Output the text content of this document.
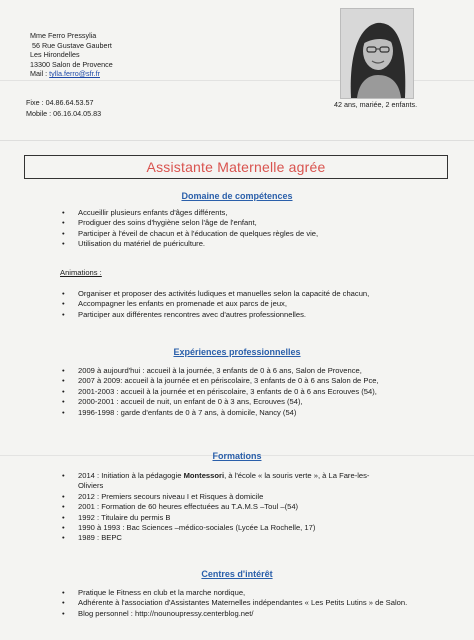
Mme Ferro Pressylia
56 Rue Gustave Gaubert
Les Hirondelles
13300 Salon de Provence
Mail : tylla.ferro@sfr.fr
Fixe : 04.86.64.53.57
Mobile : 06.16.04.05.83
42 ans, mariée, 2 enfants.
Assistante Maternelle agrée
Domaine de compétences
• Accueillir plusieurs enfants d'âges différents,
• Prodiguer des soins d'hygiène selon l'âge de l'enfant,
• Participer à l'éveil de chacun et à l'éducation de quelques règles de vie,
• Utilisation du matériel de puériculture.
Animations :
• Organiser et proposer des activités ludiques et manuelles selon la capacité de chacun,
• Accompagner les enfants en promenade et aux parcs de jeux,
• Participer aux différentes rencontres avec d'autres professionnelles.
Expériences professionnelles
• 2009 à aujourd'hui : accueil à la journée, 3 enfants de 0 à 6 ans, Salon de Provence,
• 2007 à 2009: accueil à la journée et en périscolaire, 3 enfants de 0 à 6 ans Salon de Pce,
• 2001-2003 : accueil à la journée et en périscolaire, 3 enfants de 0 à 6 ans Ecrouves (54),
• 2000-2001 : accueil de nuit, un enfant de 0 à 3 ans, Ecrouves (54),
• 1996-1998 : garde d'enfants de 0 à 7 ans, à domicile, Nancy (54)
Formations
• 2014 : Initiation à la pédagogie Montessori, à l'école « la souris verte », à La Fare-les-Oliviers
• 2012 : Premiers secours niveau I et Risques à domicile
• 2001 : Formation de 60 heures effectuées au T.A.M.S –Toul –(54)
• 1992 : Titulaire du permis B
• 1990 à 1993 : Bac Sciences –médico-sociales (Lycée La Rochelle, 17)
• 1989 : BEPC
Centres d'intérêt
• Pratique le Fitness en club et la marche nordique,
• Adhérente à l'association d'Assistantes Maternelles indépendantes « Les Petits Lutins » de Salon.
• Blog personnel : http://nounoupressy.centerblog.net/
